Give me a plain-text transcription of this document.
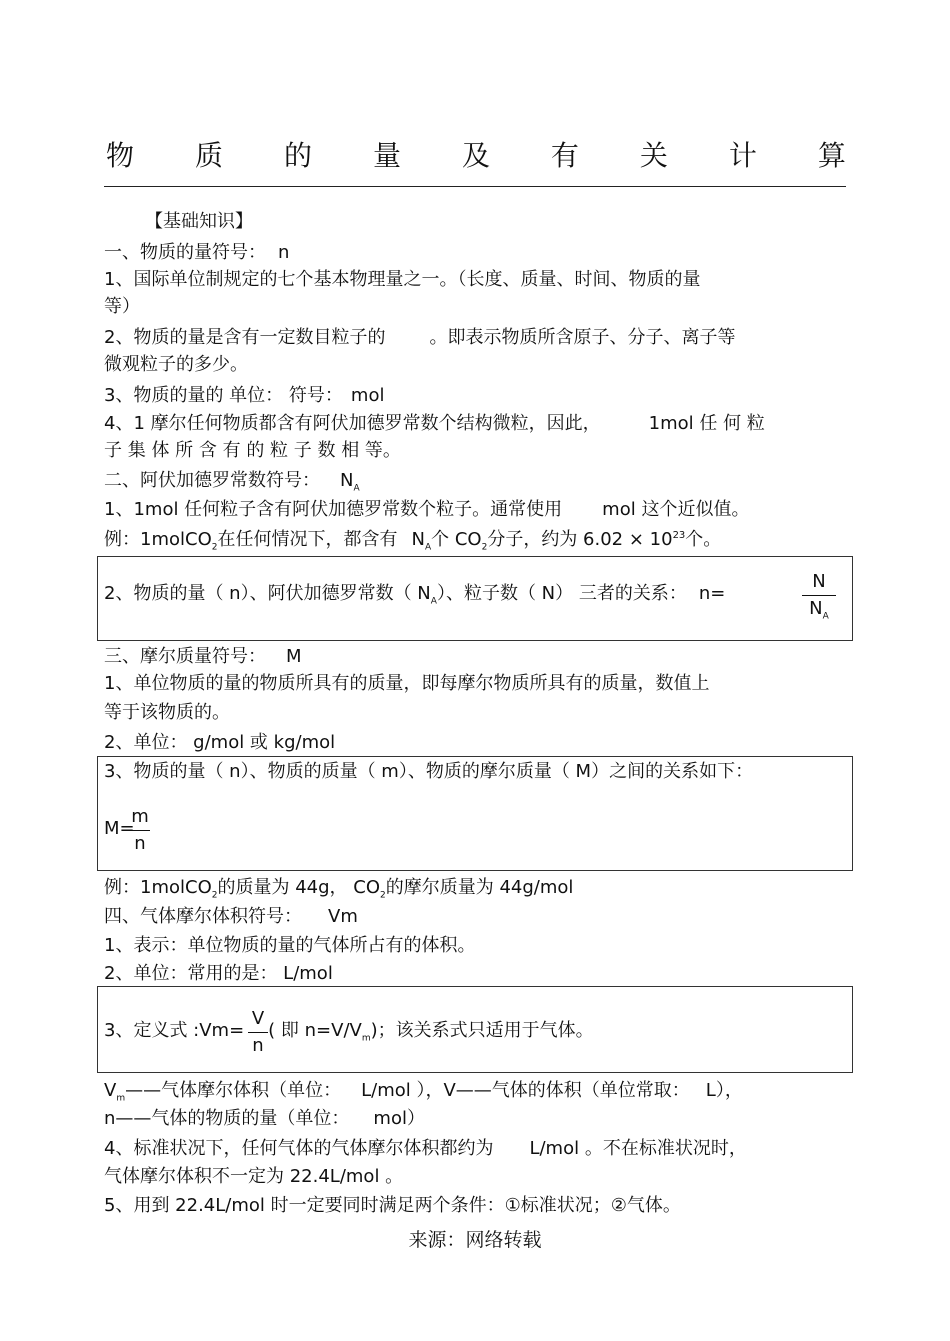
物 质 的 量 及 有 关 计 算
【基础知识】
一、物质的量符号： n
1、国际单位制规定的七个基本物理量之一。（长度、质量、时间、物质的量
等）
2、物质的量是含有一定数目粒子的 。即表示物质所含原子、分子、离子等
微观粒子的多少。
3、物质的量的 单位： 符号： mol
4、1 摩尔任何物质都含有阿伏加德罗常数个结构微粒，因此，	1mol 任 何 粒
子 集 体 所 含 有 的 粒 子 数 相 等。
二、阿伏加德罗常数符号： $N_A$
1、1mol 任何粒子含有阿伏加德罗常数个粒子。通常使用 mol 这个近似值。
例：1molCO$_2$在任何情况下，都含有 $N_A$个 $CO_2$分子，约为 $6.02 \times 10^{23}$个。
2、物质的量（ n）、阿伏加德罗常数（ $N_A$）、粒子数（ N） 三者的关系： n=
N
$N_A$
三、摩尔质量符号： M
1、单位物质的量的物质所具有的质量，即每摩尔物质所具有的质量，数值上
等于该物质的。
2、单位： g/mol 或 kg/mol
3、物质的量（ n）、物质的质量（ m）、物质的摩尔质量（ M）之间的关系如下：
M=
m
n
例：1molCO$_2$的质量为 44g， $CO_2$的摩尔质量为 44g/mol
四、气体摩尔体积符号： Vm
1、表示：单位物质的量的气体所占有的体积。
2、单位：常用的是： L/mol
3、定义式 :Vm= ( 即 $n=V/V_m$)；该关系式只适用于气体。
V
n
$V_m——$气体摩尔体积（单位： L/mol ），V——气体的体积（单位常取： L），
n——气体的物质的量（单位： mol）
4、标准状况下，任何气体的气体摩尔体积都约为 L/mol 。不在标准状况时，
气体摩尔体积不一定为 22.4L/mol 。
5、用到 22.4L/mol 时一定要同时满足两个条件：①标准状况；②气体。
来源：网络转载
